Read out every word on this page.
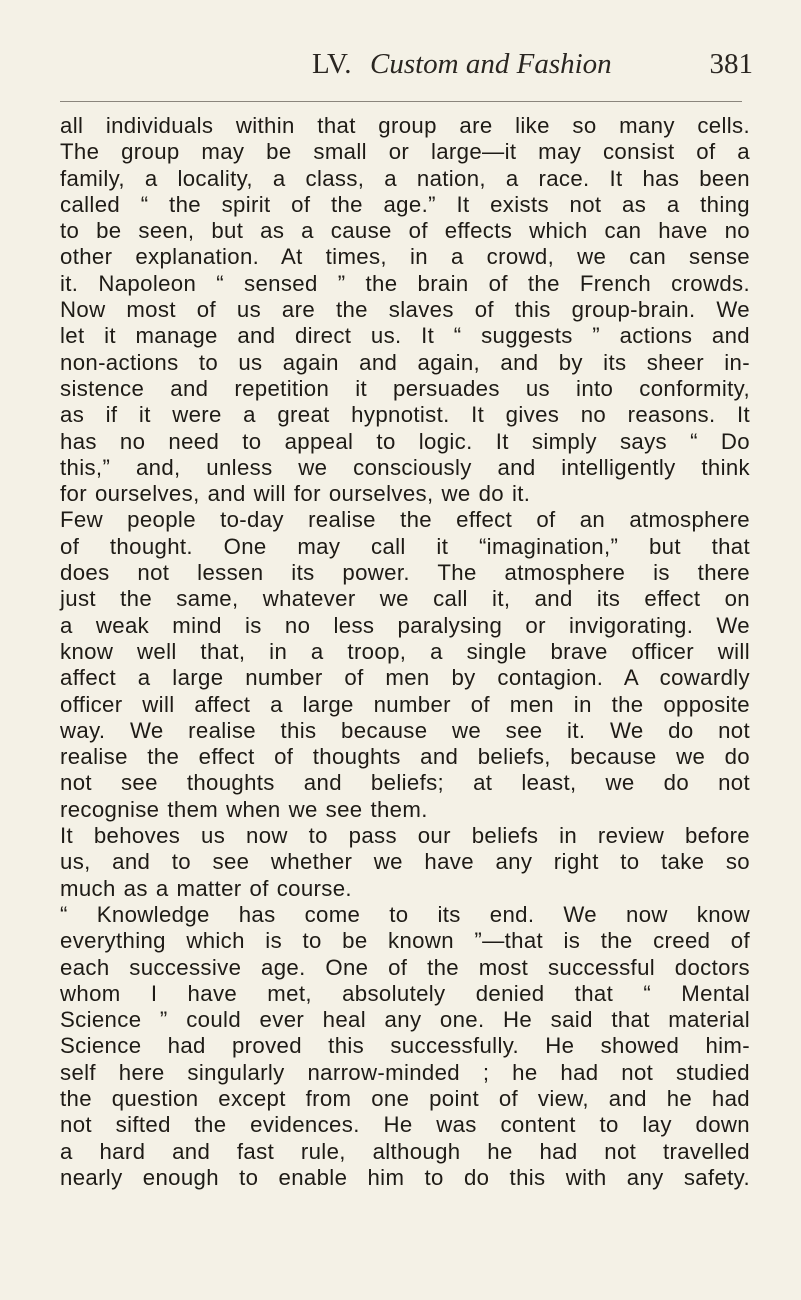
LV. Custom and Fashion	381
all individuals within that group are like so many cells.
The group may be small or large—it may consist of a
family, a locality, a class, a nation, a race. It has been
called “ the spirit of the age.” It exists not as a thing
to be seen, but as a cause of effects which can have no
other explanation. At times, in a crowd, we can sense
it. Napoleon “ sensed ” the brain of the French crowds.
Now most of us are the slaves of this group-brain. We
let it manage and direct us. It “ suggests ” actions and
non-actions to us again and again, and by its sheer in-
sistence and repetition it persuades us into conformity,
as if it were a great hypnotist. It gives no reasons. It
has no need to appeal to logic. It simply says “ Do
this,” and, unless we consciously and intelligently think
for ourselves, and will for ourselves, we do it.
Few people to-day realise the effect of an atmosphere
of thought. One may call it “imagination,” but that
does not lessen its power. The atmosphere is there
just the same, whatever we call it, and its effect on
a weak mind is no less paralysing or invigorating. We
know well that, in a troop, a single brave officer will
affect a large number of men by contagion. A cowardly
officer will affect a large number of men in the opposite
way. We realise this because we see it. We do not
realise the effect of thoughts and beliefs, because we do
not see thoughts and beliefs; at least, we do not
recognise them when we see them.
It behoves us now to pass our beliefs in review before
us, and to see whether we have any right to take so
much as a matter of course.
“ Knowledge has come to its end. We now know
everything which is to be known ”—that is the creed of
each successive age. One of the most successful doctors
whom I have met, absolutely denied that “ Mental
Science ” could ever heal any one. He said that material
Science had proved this successfully. He showed him-
self here singularly narrow-minded ; he had not studied
the question except from one point of view, and he had
not sifted the evidences. He was content to lay down
a hard and fast rule, although he had not travelled
nearly enough to enable him to do this with any safety.
